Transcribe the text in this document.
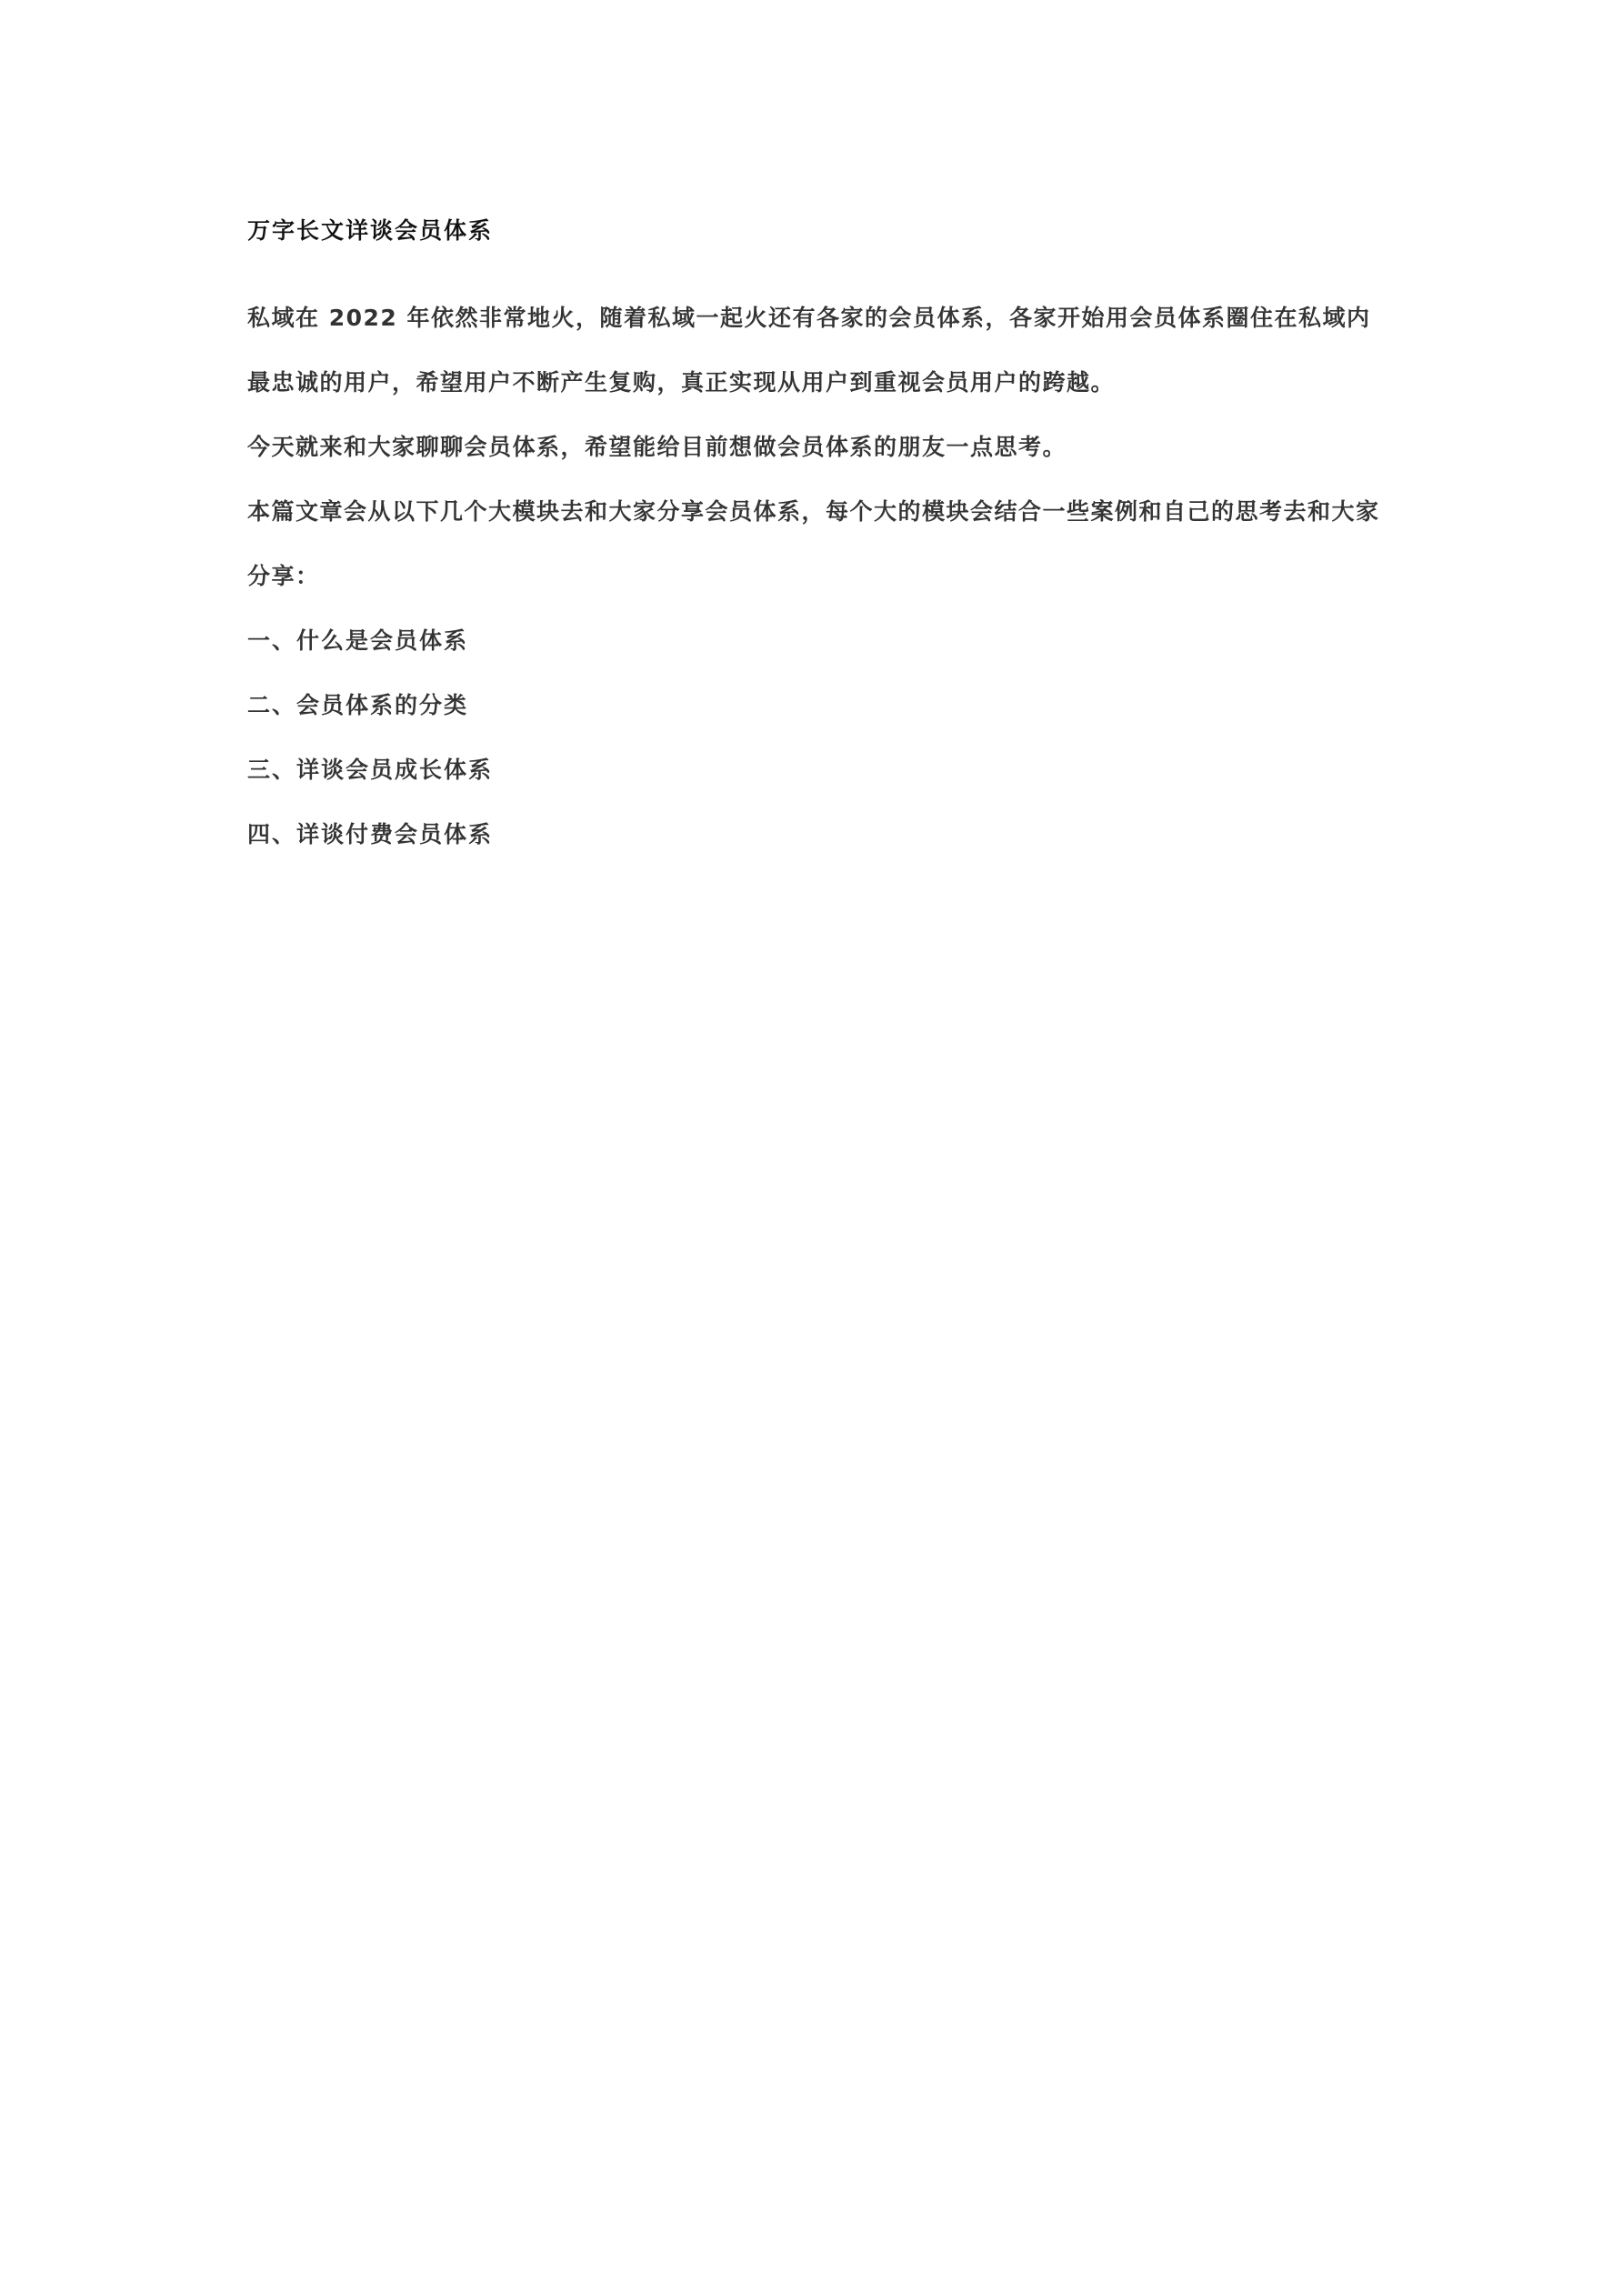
万字长文详谈会员体系

私域在 2022 年依然非常地火，随着私域一起火还有各家的会员体系，各家开始用会员体系圈住在私域内最忠诚的用户，希望用户不断产生复购，真正实现从用户到重视会员用户的跨越。

今天就来和大家聊聊会员体系，希望能给目前想做会员体系的朋友一点思考。

本篇文章会从以下几个大模块去和大家分享会员体系，每个大的模块会结合一些案例和自己的思考去和大家分享：

一、什么是会员体系
二、会员体系的分类
三、详谈会员成长体系
四、详谈付费会员体系
